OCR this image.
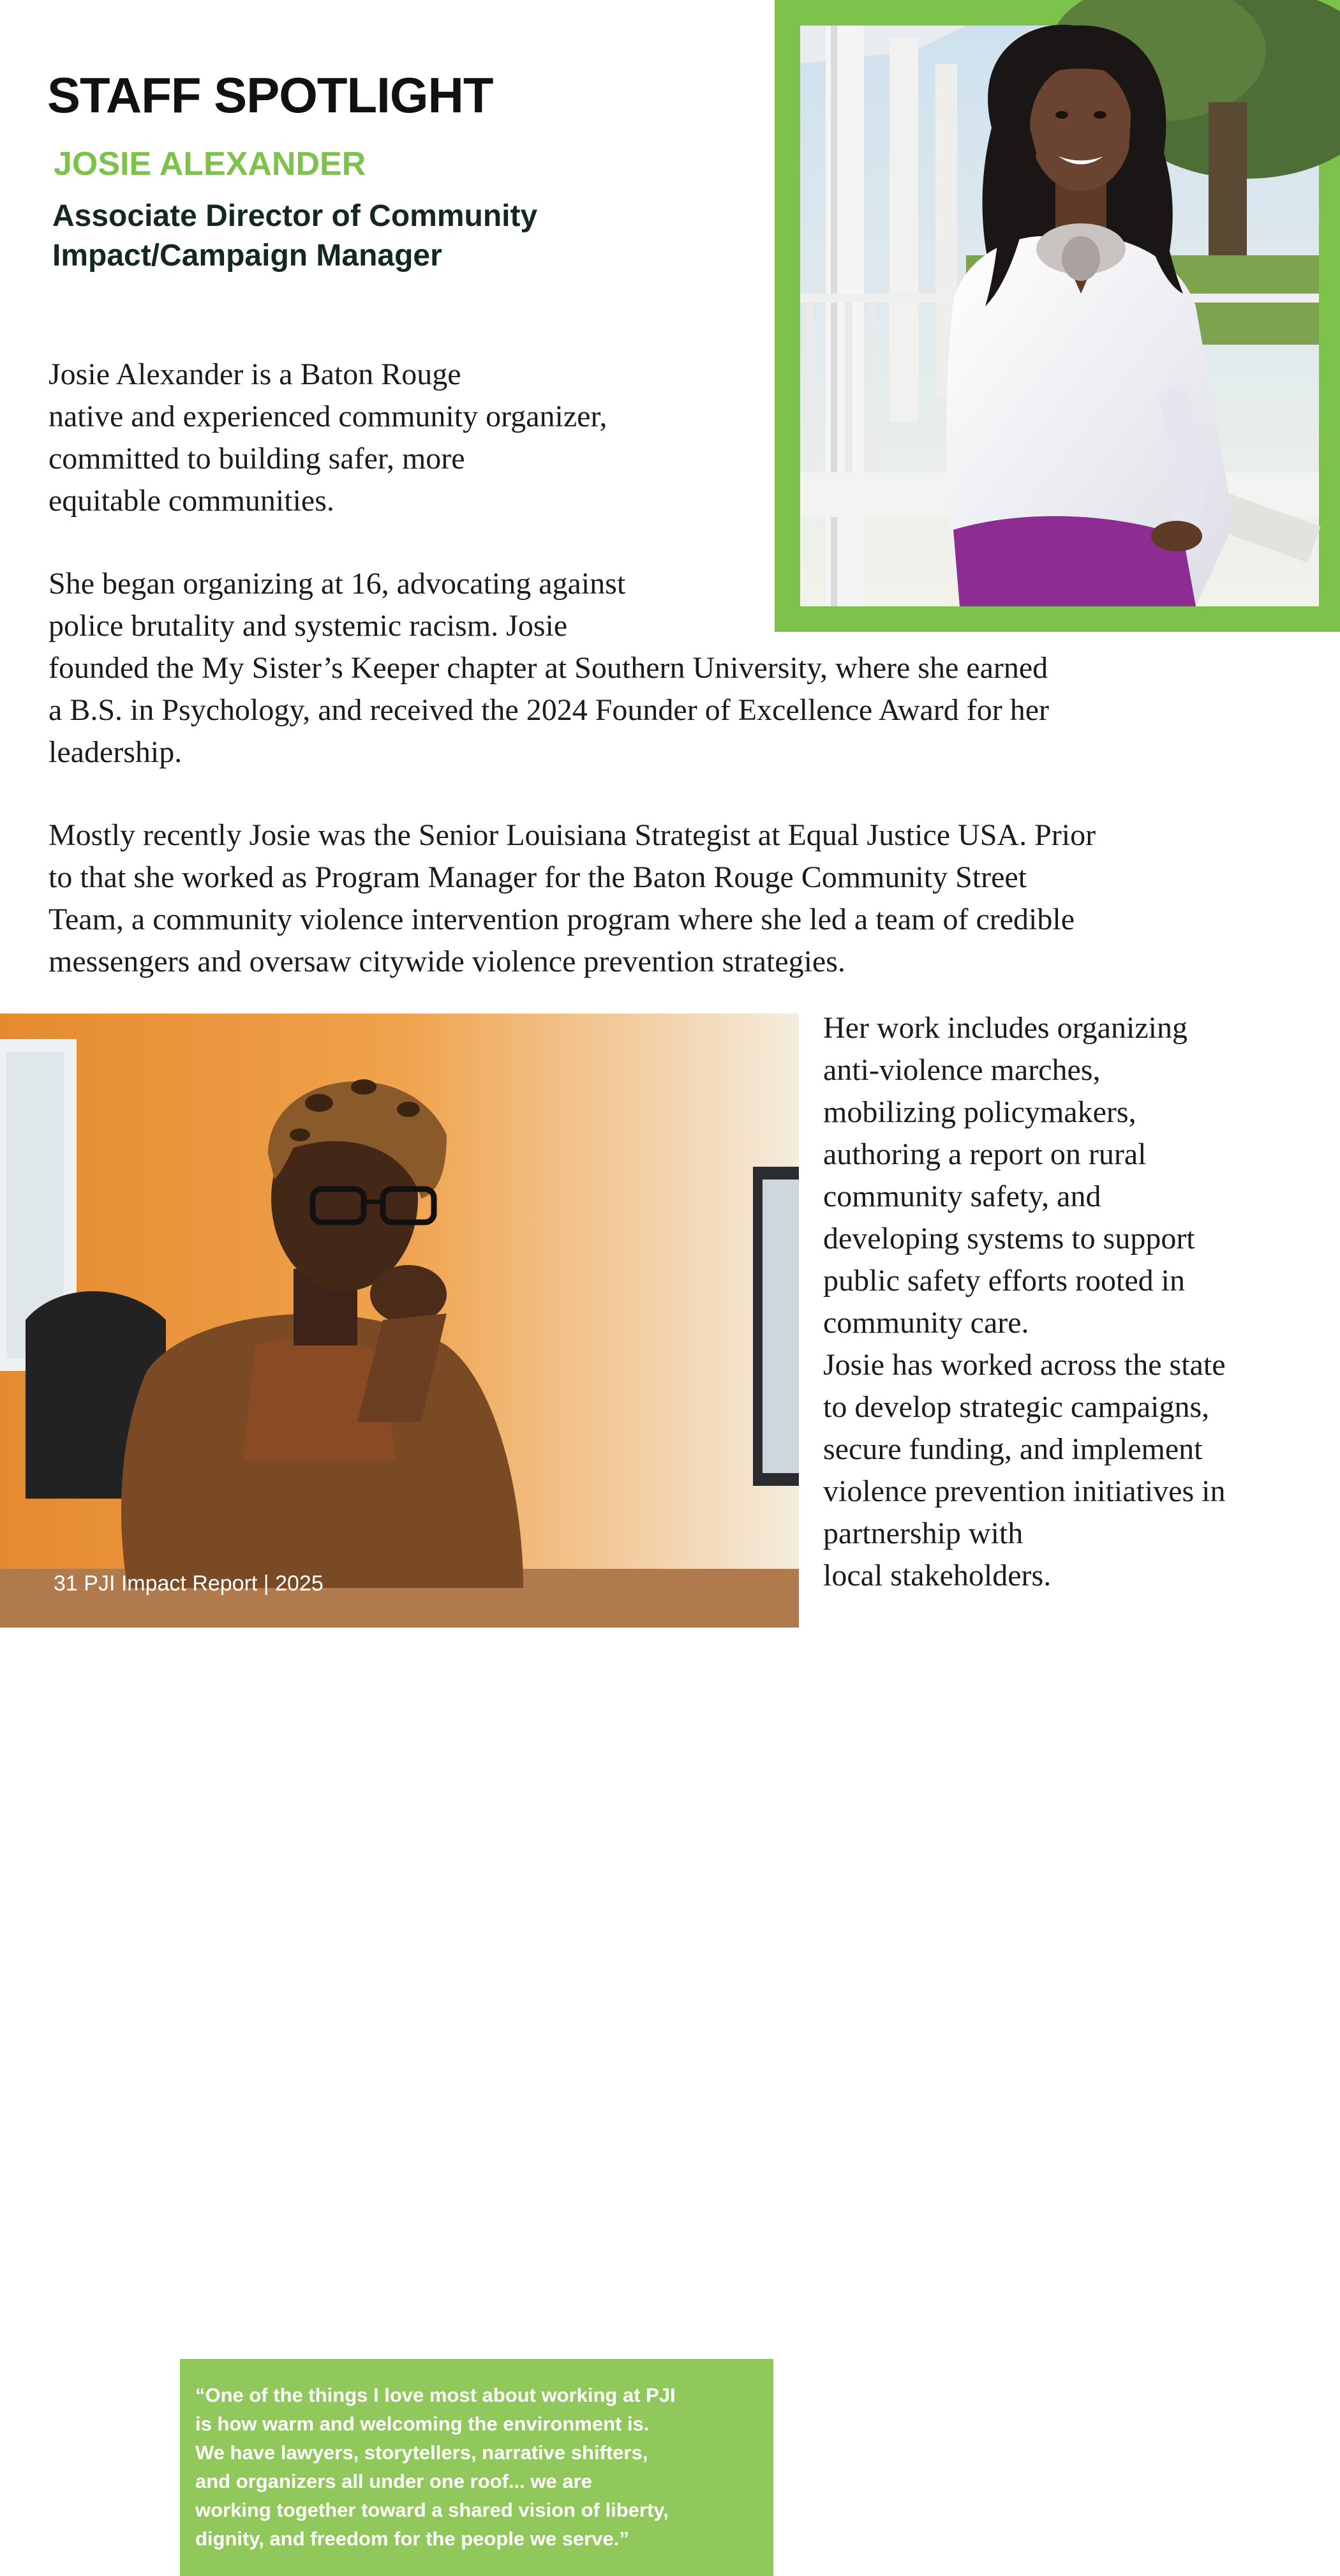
STAFF SPOTLIGHT
JOSIE ALEXANDER
Associate Director of Community
Impact/Campaign Manager

Josie Alexander is a Baton Rouge
native and experienced community organizer,
committed to building safer, more
equitable communities.

She began organizing at 16, advocating against
police brutality and systemic racism. Josie
founded the My Sister’s Keeper chapter at Southern University, where she earned
a B.S. in Psychology, and received the 2024 Founder of Excellence Award for her
leadership.

Mostly recently Josie was the Senior Louisiana Strategist at Equal Justice USA. Prior
to that she worked as Program Manager for the Baton Rouge Community Street
Team, a community violence intervention program where she led a team of credible
messengers and oversaw citywide violence prevention strategies.

“One of the things I love most about working at PJI
is how warm and welcoming the environment is.
We have lawyers, storytellers, narrative shifters,
and organizers all under one roof... we are
working together toward a shared vision of liberty,
dignity, and freedom for the people we serve.”
31 PJI Impact Report | 2025

Her work includes organizing
anti-violence marches,
mobilizing policymakers,
authoring a report on rural
community safety, and
developing systems to support
public safety efforts rooted in
community care.
Josie has worked across the state
to develop strategic campaigns,
secure funding, and implement
violence prevention initiatives in
partnership with
local stakeholders.
